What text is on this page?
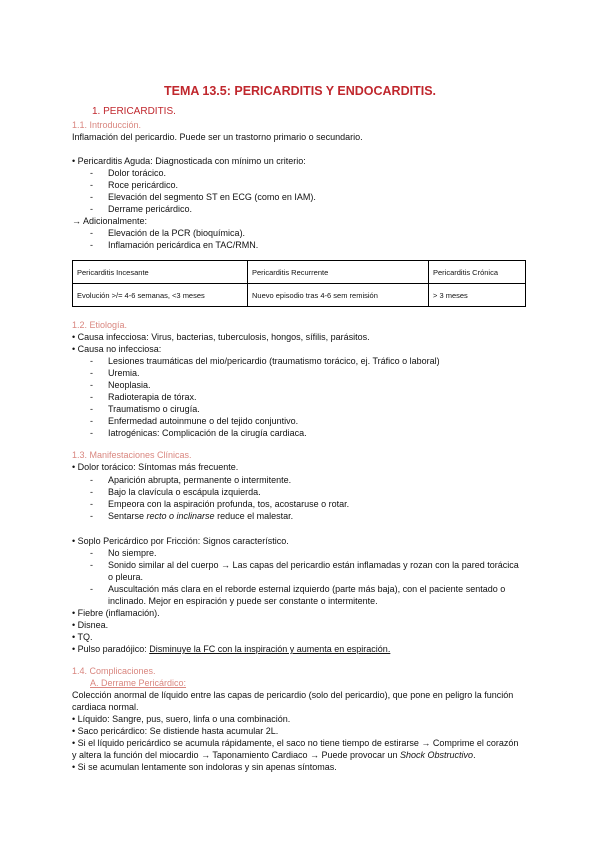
TEMA 13.5: PERICARDITIS Y ENDOCARDITIS.
1. PERICARDITIS.
1.1. Introducción.
Inflamación del pericardio. Puede ser un trastorno primario o secundario.
• Pericarditis Aguda: Diagnosticada con mínimo un criterio:
- Dolor torácico.
- Roce pericárdico.
- Elevación del segmento ST en ECG (como en IAM).
- Derrame pericárdico.
→ Adicionalmente:
- Elevación de la PCR (bioquímica).
- Inflamación pericárdica en TAC/RMN.
Pericarditis Incesante	Pericarditis Recurrente	Pericarditis Crónica
Evolución >/= 4-6 semanas, <3 meses	Nuevo episodio tras 4-6 sem remisión	> 3 meses
1.2. Etiología.
• Causa infecciosa: Virus, bacterias, tuberculosis, hongos, sífilis, parásitos.
• Causa no infecciosa:
- Lesiones traumáticas del mio/pericardio (traumatismo torácico, ej. Tráfico o laboral)
- Uremia.
- Neoplasia.
- Radioterapia de tórax.
- Traumatismo o cirugía.
- Enfermedad autoinmune o del tejido conjuntivo.
- Iatrogénicas: Complicación de la cirugía cardiaca.
1.3. Manifestaciones Clínicas.
• Dolor torácico: Síntomas más frecuente.
- Aparición abrupta, permanente o intermitente.
- Bajo la clavícula o escápula izquierda.
- Empeora con la aspiración profunda, tos, acostaruse o rotar.
- Sentarse recto o inclinarse reduce el malestar.
• Soplo Pericárdico por Fricción: Signos característico.
- No siempre.
- Sonido similar al del cuerpo → Las capas del pericardio están inflamadas y rozan con la pared torácica
o pleura.
- Auscultación más clara en el reborde esternal izquierdo (parte más baja), con el paciente sentado o
inclinado. Mejor en espiración y puede ser constante o intermitente.
• Fiebre (inflamación).
• Disnea.
• TQ.
• Pulso paradójico: Disminuye la FC con la inspiración y aumenta en espiración.
1.4. Complicaciones.
A. Derrame Pericárdico:
Colección anormal de líquido entre las capas de pericardio (solo del pericardio), que pone en peligro la función
cardiaca normal.
• Líquido: Sangre, pus, suero, linfa o una combinación.
• Saco pericárdico: Se distiende hasta acumular 2L.
• Si el líquido pericárdico se acumula rápidamente, el saco no tiene tiempo de estirarse → Comprime el corazón
y altera la función del miocardio → Taponamiento Cardiaco → Puede provocar un Shock Obstructivo.
• Si se acumulan lentamente son indoloras y sin apenas síntomas.
